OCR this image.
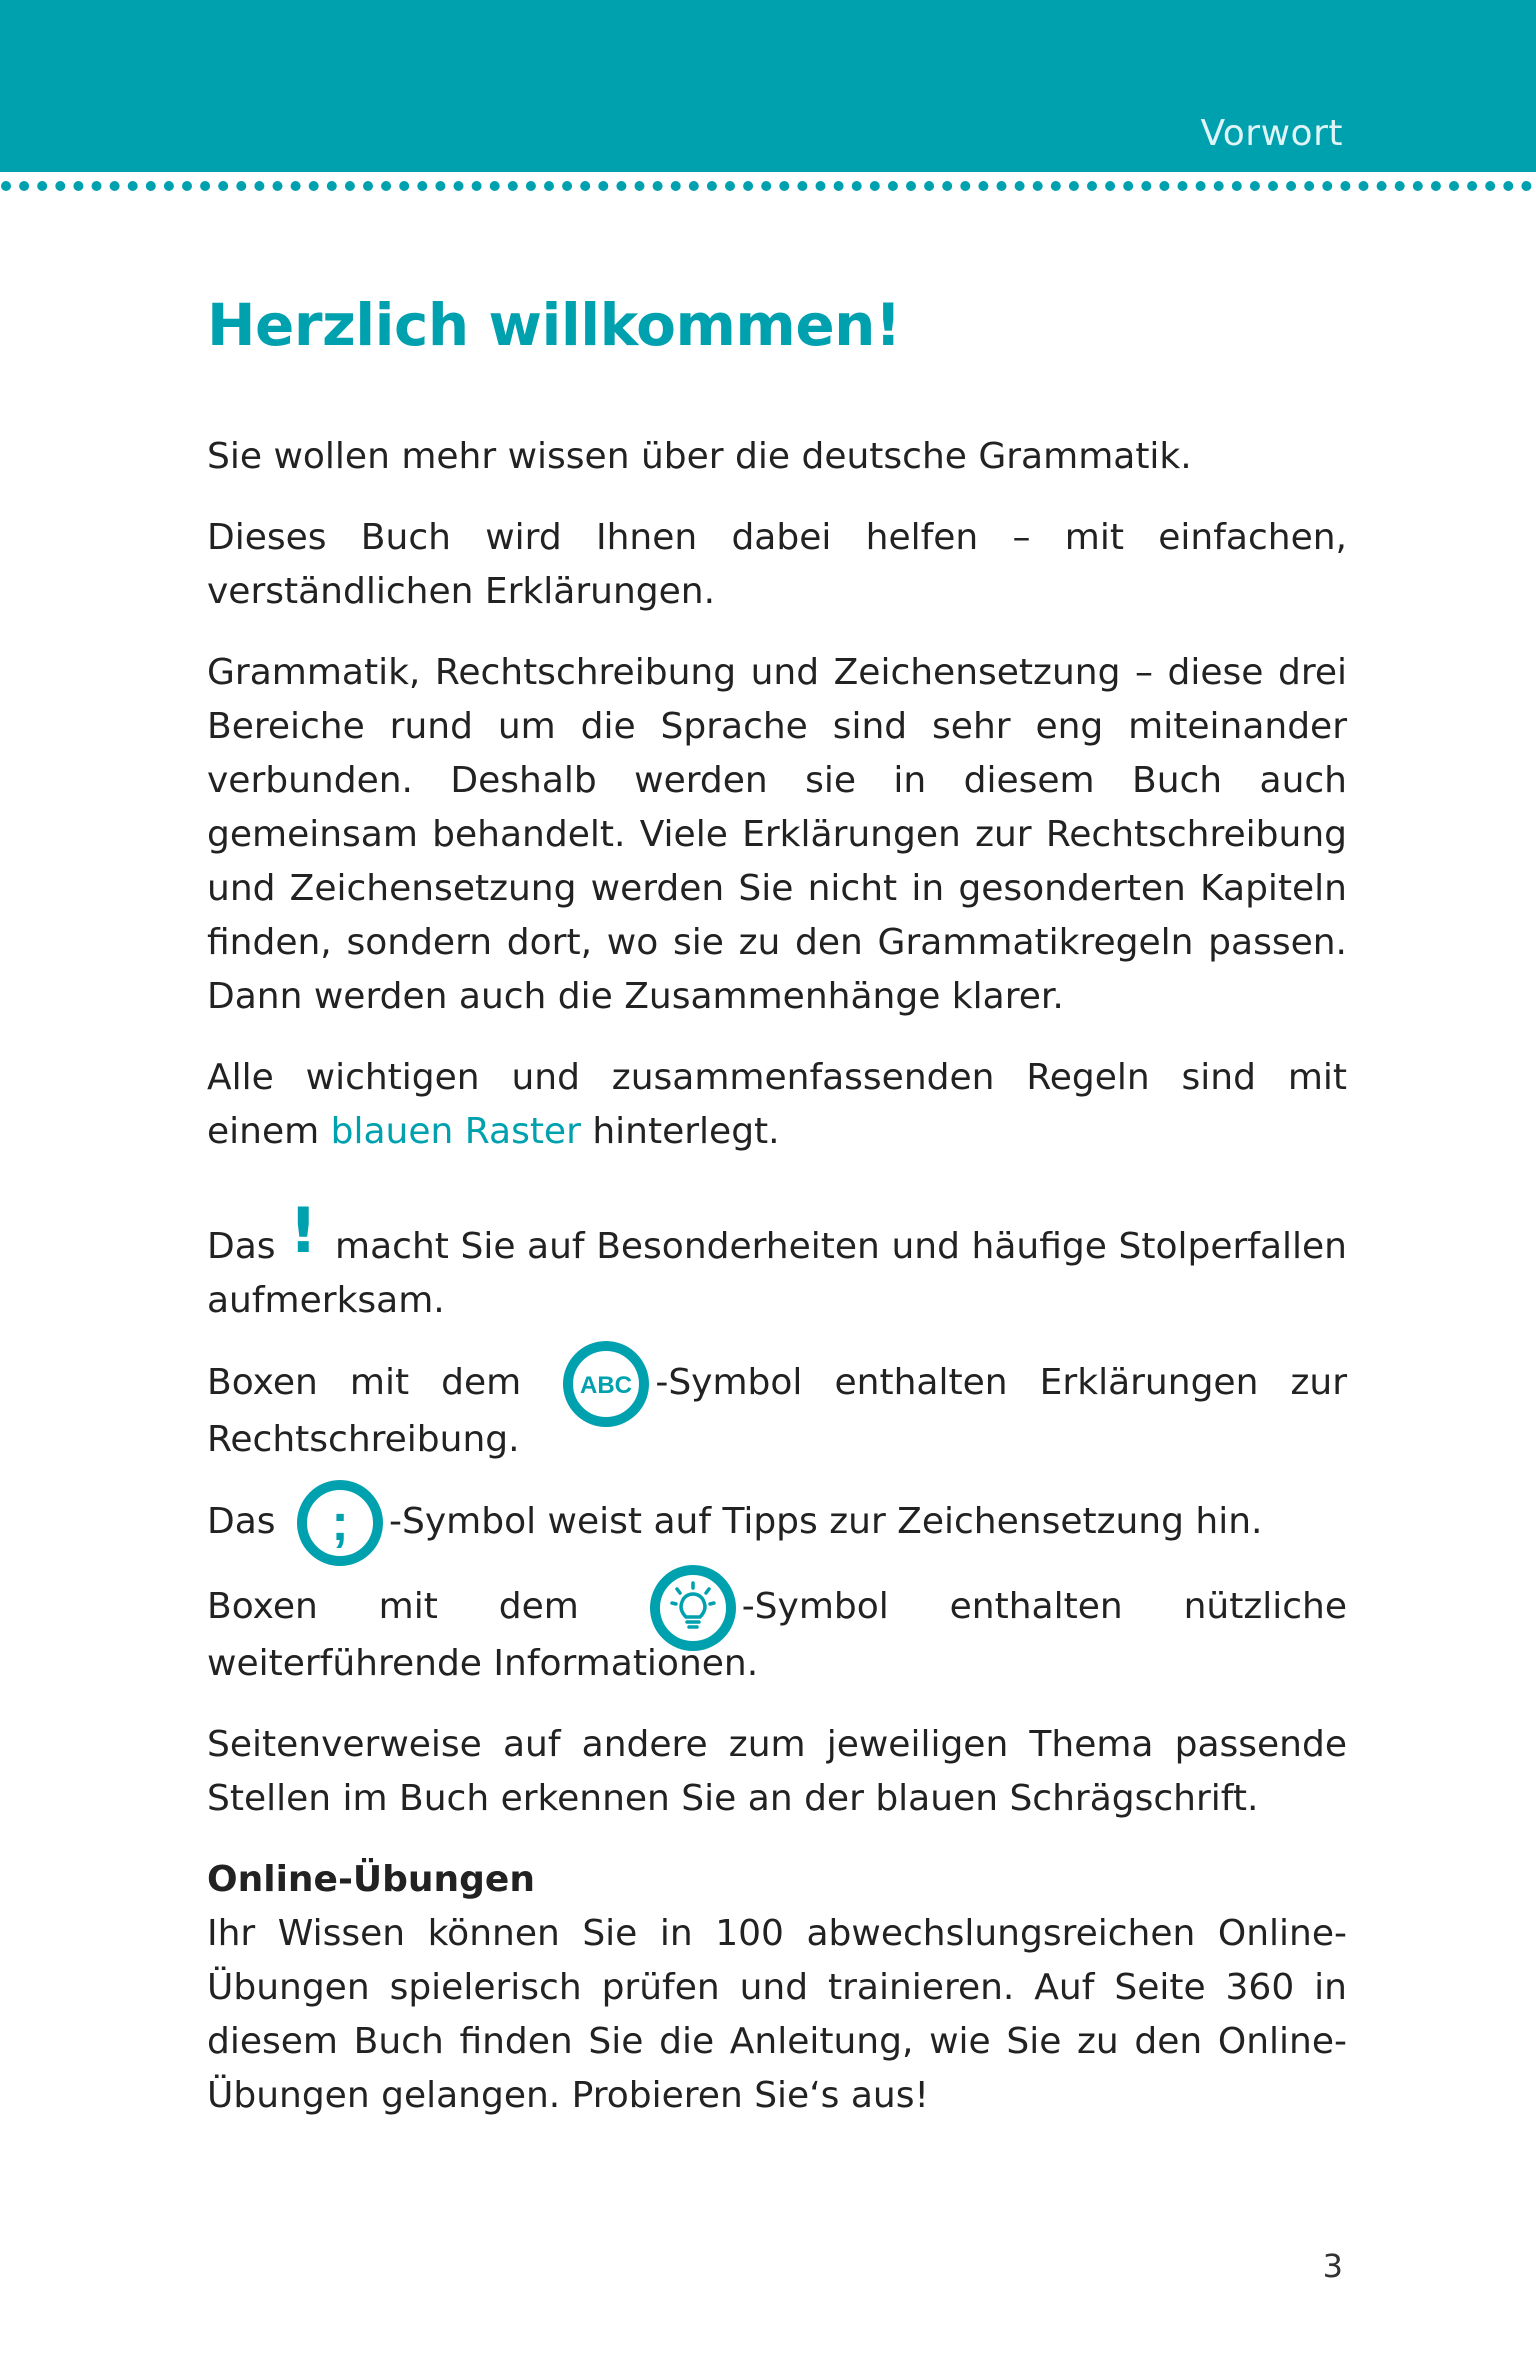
Vorwort
Herzlich willkommen!

Sie wollen mehr wissen über die deutsche Grammatik.

Dieses Buch wird Ihnen dabei helfen – mit einfachen, verständlichen Erklärungen.

Grammatik, Rechtschreibung und Zeichensetzung – diese drei Bereiche rund um die Sprache sind sehr eng miteinander verbunden. Deshalb werden sie in diesem Buch auch gemeinsam behandelt. Viele Erklärungen zur Rechtschreibung und Zeichensetzung werden Sie nicht in gesonderten Kapiteln finden, sondern dort, wo sie zu den Grammatikregeln passen. Dann werden auch die Zusammenhänge klarer.

Alle wichtigen und zusammenfassenden Regeln sind mit einem blauen Raster hinterlegt.

Das ! macht Sie auf Besonderheiten und häufige Stolperfallen aufmerksam.
Boxen mit dem ABC -Symbol enthalten Erklärungen zur Rechtschreibung.
Das ; -Symbol weist auf Tipps zur Zeichensetzung hin.
Boxen mit dem	-Symbol enthalten nützliche weiterführende Informationen.

Seitenverweise auf andere zum jeweiligen Thema passende Stellen im Buch erkennen Sie an der blauen Schrägschrift.

Online-Übungen

Ihr Wissen können Sie in 100 abwechslungsreichen Online-Übungen spielerisch prüfen und trainieren. Auf Seite 360 in diesem Buch finden Sie die Anleitung, wie Sie zu den Online-Übungen gelangen. Probieren Sie‘s aus!

3
